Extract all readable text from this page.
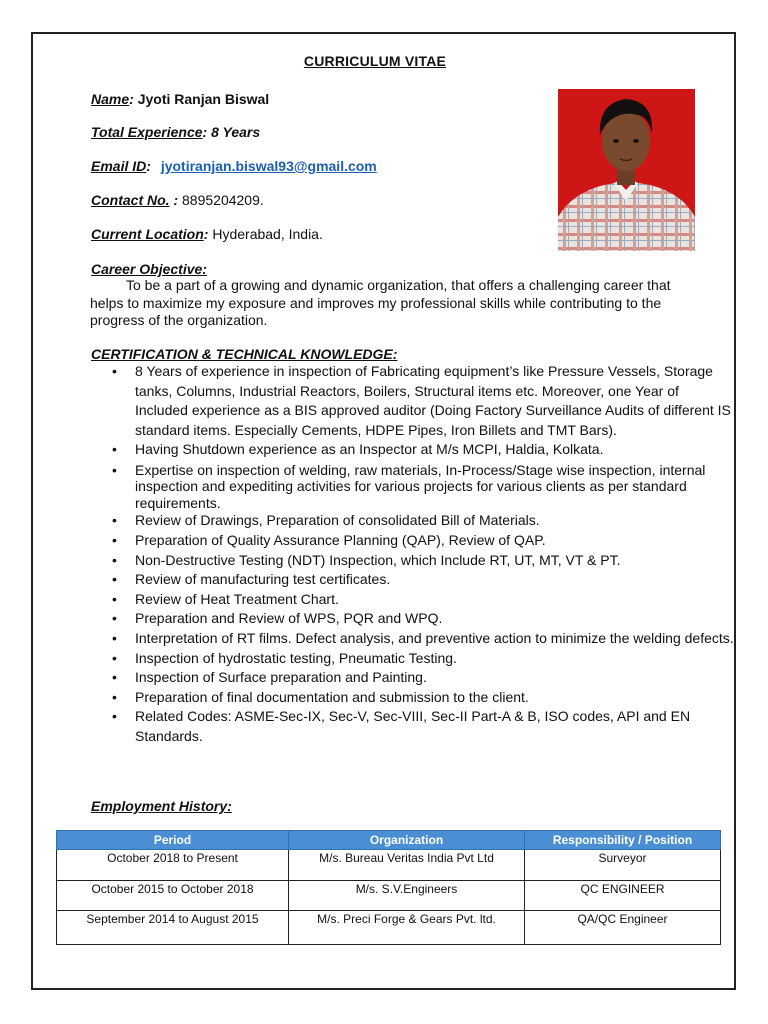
CURRICULUM VITAE
Name: Jyoti Ranjan Biswal
Total Experience: 8 Years
Email ID: jyotiranjan.biswal93@gmail.com
Contact No. : 8895204209.
Current Location: Hyderabad, India.
Career Objective:

To be a part of a growing and dynamic organization, that offers a challenging career that helps to maximize my exposure and improves my professional skills while contributing to the progress of the organization.

CERTIFICATION & TECHNICAL KNOWLEDGE:
• 8 Years of experience in inspection of Fabricating equipment’s like Pressure Vessels, Storage tanks, Columns, Industrial Reactors, Boilers, Structural items etc. Moreover, one Year of Included experience as a BIS approved auditor (Doing Factory Surveillance Audits of different IS standard items. Especially Cements, HDPE Pipes, Iron Billets and TMT Bars).
• Having Shutdown experience as an Inspector at M/s MCPI, Haldia, Kolkata.
• Expertise on inspection of welding, raw materials, In-Process/Stage wise inspection, internal inspection and expediting activities for various projects for various clients as per standard requirements.
• Review of Drawings, Preparation of consolidated Bill of Materials.
• Preparation of Quality Assurance Planning (QAP), Review of QAP.
• Non-Destructive Testing (NDT) Inspection, which Include RT, UT, MT, VT & PT.
• Review of manufacturing test certificates.
• Review of Heat Treatment Chart.
• Preparation and Review of WPS, PQR and WPQ.
• Interpretation of RT films. Defect analysis, and preventive action to minimize the welding defects.
• Inspection of hydrostatic testing, Pneumatic Testing.
• Inspection of Surface preparation and Painting.
• Preparation of final documentation and submission to the client.
• Related Codes: ASME-Sec-IX, Sec-V, Sec-VIII, Sec-II Part-A & B, ISO codes, API and EN Standards.
Employment History:
Period	Organization	Responsibility / Position
October 2018 to Present	M/s. Bureau Veritas India Pvt Ltd	Surveyor
October 2015 to October 2018	M/s. S.V.Engineers	QC ENGINEER
September 2014 to August 2015	M/s. Preci Forge & Gears Pvt. ltd.	QA/QC Engineer
